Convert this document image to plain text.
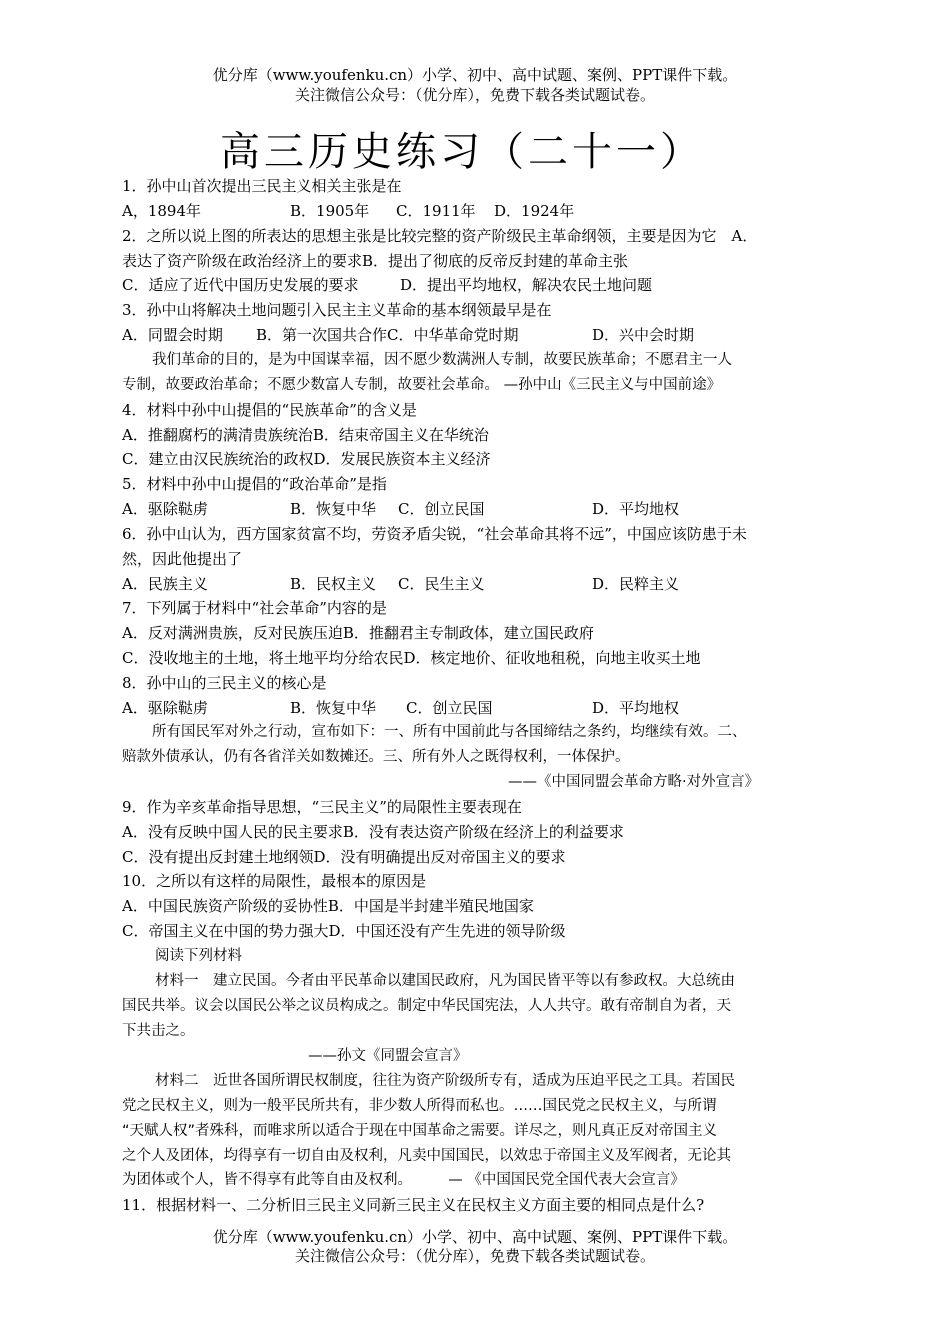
优分库（www.youfenku.cn）小学、初中、高中试题、案例、PPT课件下载。
关注微信公众号：（优分库），免费下载各类试题试卷。
高三历史练习（二十一）
1．孙中山首次提出三民主义相关主张是在
A，1894年	B．1905年 C．1911年 D．1924年
2．之所以说上图的所表达的思想主张是比较完整的资产阶级民主革命纲领，主要是因为它　A．
表达了资产阶级在政治经济上的要求B．提出了彻底的反帝反封建的革命主张
C．适应了近代中国历史发展的要求	D．提出平均地权，解决农民土地问题
3．孙中山将解决土地问题引入民主主义革命的基本纲领最早是在
A．同盟会时期 B．第一次国共合作C．中华革命党时期	D．兴中会时期
我们革命的目的，是为中国谋幸福，因不愿少数满洲人专制，故要民族革命；不愿君主一人
专制，故要政治革命；不愿少数富人专制，故要社会革命。 —孙中山《三民主义与中国前途》
4．材料中孙中山提倡的“民族革命”的含义是
A．推翻腐朽的满清贵族统治B．结束帝国主义在华统治
C．建立由汉民族统治的政权D．发展民族资本主义经济
5．材料中孙中山提倡的“政治革命”是指
A．驱除鞑虏	B．恢复中华 C．创立民国	D．平均地权
6．孙中山认为，西方国家贫富不均，劳资矛盾尖锐，“社会革命其将不远”，中国应该防患于未
然，因此他提出了
A．民族主义	B．民权主义 C．民生主义	D．民粹主义
7．下列属于材料中“社会革命”内容的是
A．反对满洲贵族，反对民族压迫B．推翻君主专制政体，建立国民政府
C．没收地主的土地，将土地平均分给农民D．核定地价、征收地租税，向地主收买土地
8．孙中山的三民主义的核心是
A．驱除鞑虏	B．恢复中华 C．创立民国	D．平均地权
所有国民军对外之行动，宣布如下：一、所有中国前此与各国缔结之条约，均继续有效。二、
赔款外债承认，仍有各省洋关如数摊还。三、所有外人之既得权利，一体保护。
——《中国同盟会革命方略·对外宣言》
9．作为辛亥革命指导思想，“三民主义”的局限性主要表现在
A．没有反映中国人民的民主要求B．没有表达资产阶级在经济上的利益要求
C．没有提出反封建土地纲领D．没有明确提出反对帝国主义的要求
10．之所以有这样的局限性，最根本的原因是
A．中国民族资产阶级的妥协性B．中国是半封建半殖民地国家
C．帝国主义在中国的势力强大D．中国还没有产生先进的领导阶级
阅读下列材料
材料一　建立民国。今者由平民革命以建国民政府，凡为国民皆平等以有参政权。大总统由
国民共举。议会以国民公举之议员构成之。制定中华民国宪法，人人共守。敢有帝制自为者，天
下共击之。
——孙文《同盟会宣言》
材料二　近世各国所谓民权制度，往往为资产阶级所专有，适成为压迫平民之工具。若国民
党之民权主义，则为一般平民所共有，非少数人所得而私也。……国民党之民权主义，与所谓
“天赋人权”者殊科，而唯求所以适合于现在中国革命之需要。详尽之，则凡真正反对帝国主义
之个人及团体，均得享有一切自由及权利，凡卖中国国民，以效忠于帝国主义及军阀者，无论其
为团体或个人，皆不得享有此等自由及权利。　　　— 《中国国民党全国代表大会宣言》
11．根据材料一、二分析旧三民主义同新三民主义在民权主义方面主要的相同点是什么?
优分库（www.youfenku.cn）小学、初中、高中试题、案例、PPT课件下载。
关注微信公众号：（优分库），免费下载各类试题试卷。
